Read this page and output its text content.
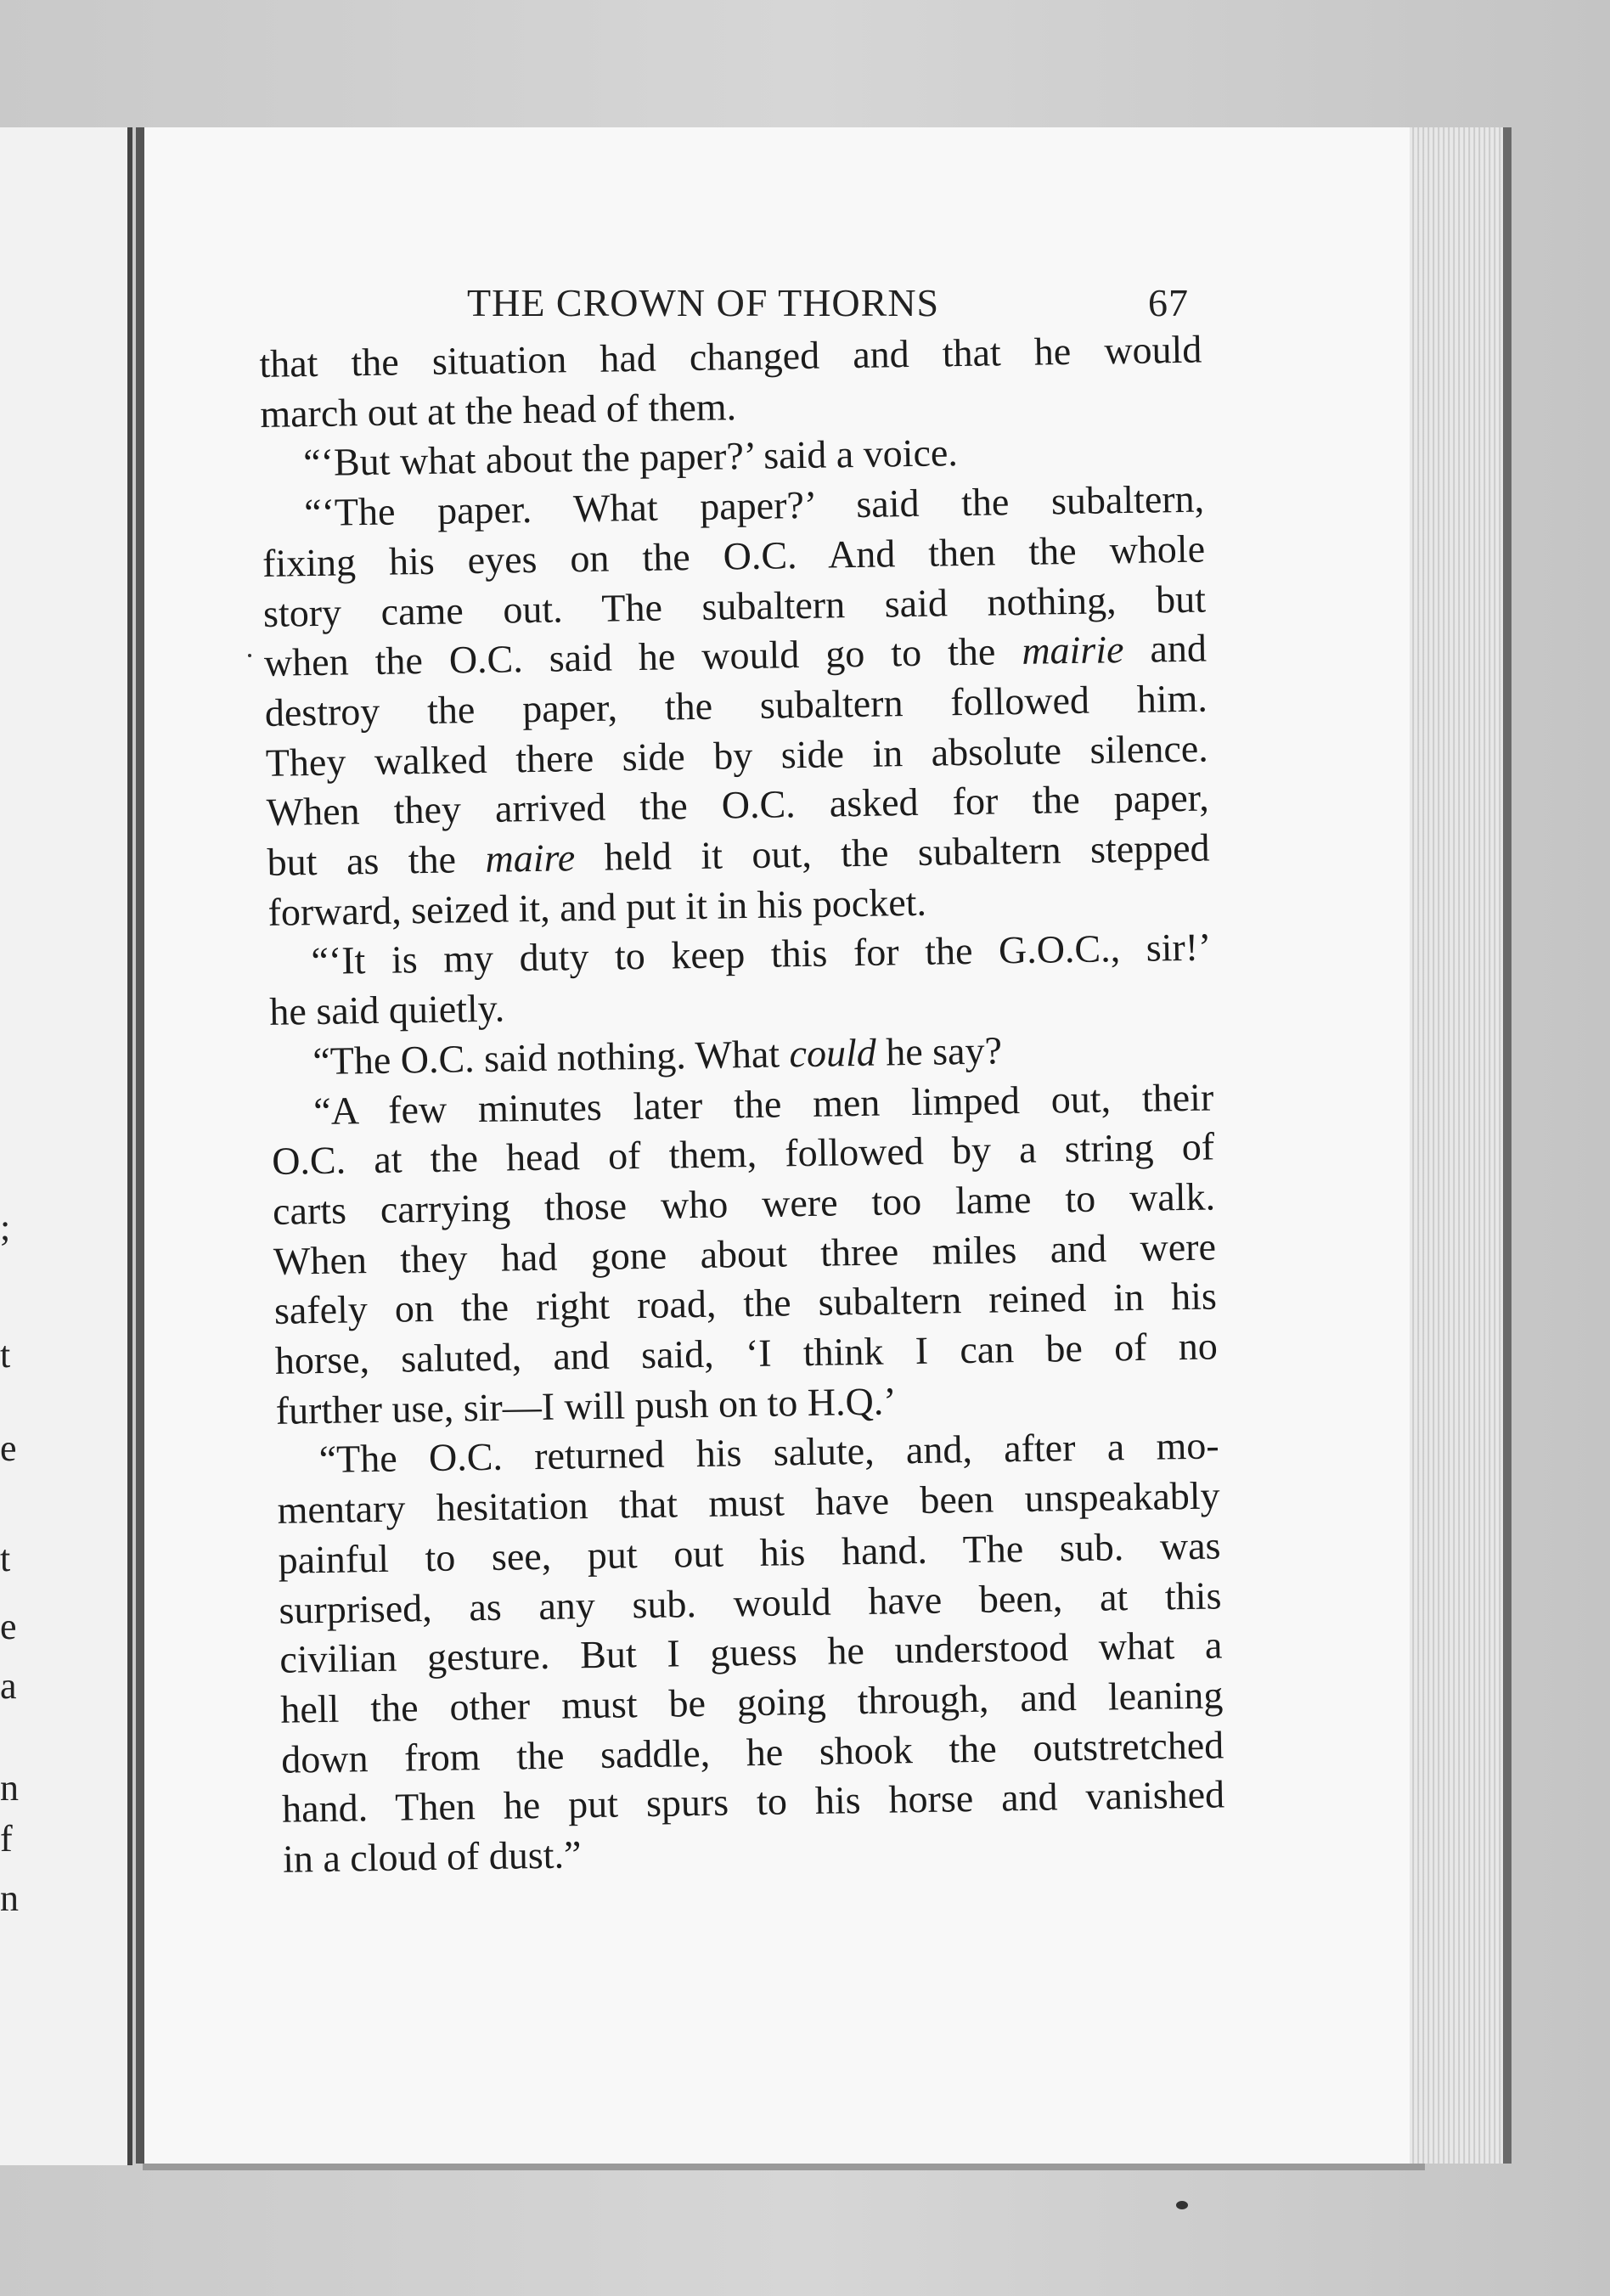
THE CROWN OF THORNS	67
that the situation had changed and that he would
march out at the head of them.
“‘But what about the paper?’ said a voice.
“‘The paper. What paper?’ said the subaltern,
fixing his eyes on the O.C. And then the whole
story came out. The subaltern said nothing, but
when the O.C. said he would go to the mairie and
destroy the paper, the subaltern followed him.
They walked there side by side in absolute silence.
When they arrived the O.C. asked for the paper,
but as the maire held it out, the subaltern stepped
forward, seized it, and put it in his pocket.
“‘It is my duty to keep this for the G.O.C., sir!’
he said quietly.
“The O.C. said nothing. What could he say?
“A few minutes later the men limped out, their
O.C. at the head of them, followed by a string of
carts carrying those who were too lame to walk.
When they had gone about three miles and were
safely on the right road, the subaltern reined in his
horse, saluted, and said, ‘I think I can be of no
further use, sir—I will push on to H.Q.’
“The O.C. returned his salute, and, after a mo-
mentary hesitation that must have been unspeakably
painful to see, put out his hand. The sub. was
surprised, as any sub. would have been, at this
civilian gesture. But I guess he understood what a
hell the other must be going through, and leaning
down from the saddle, he shook the outstretched
hand. Then he put spurs to his horse and vanished
in a cloud of dust.”
;
t
e
t
e
a
n
f
n
